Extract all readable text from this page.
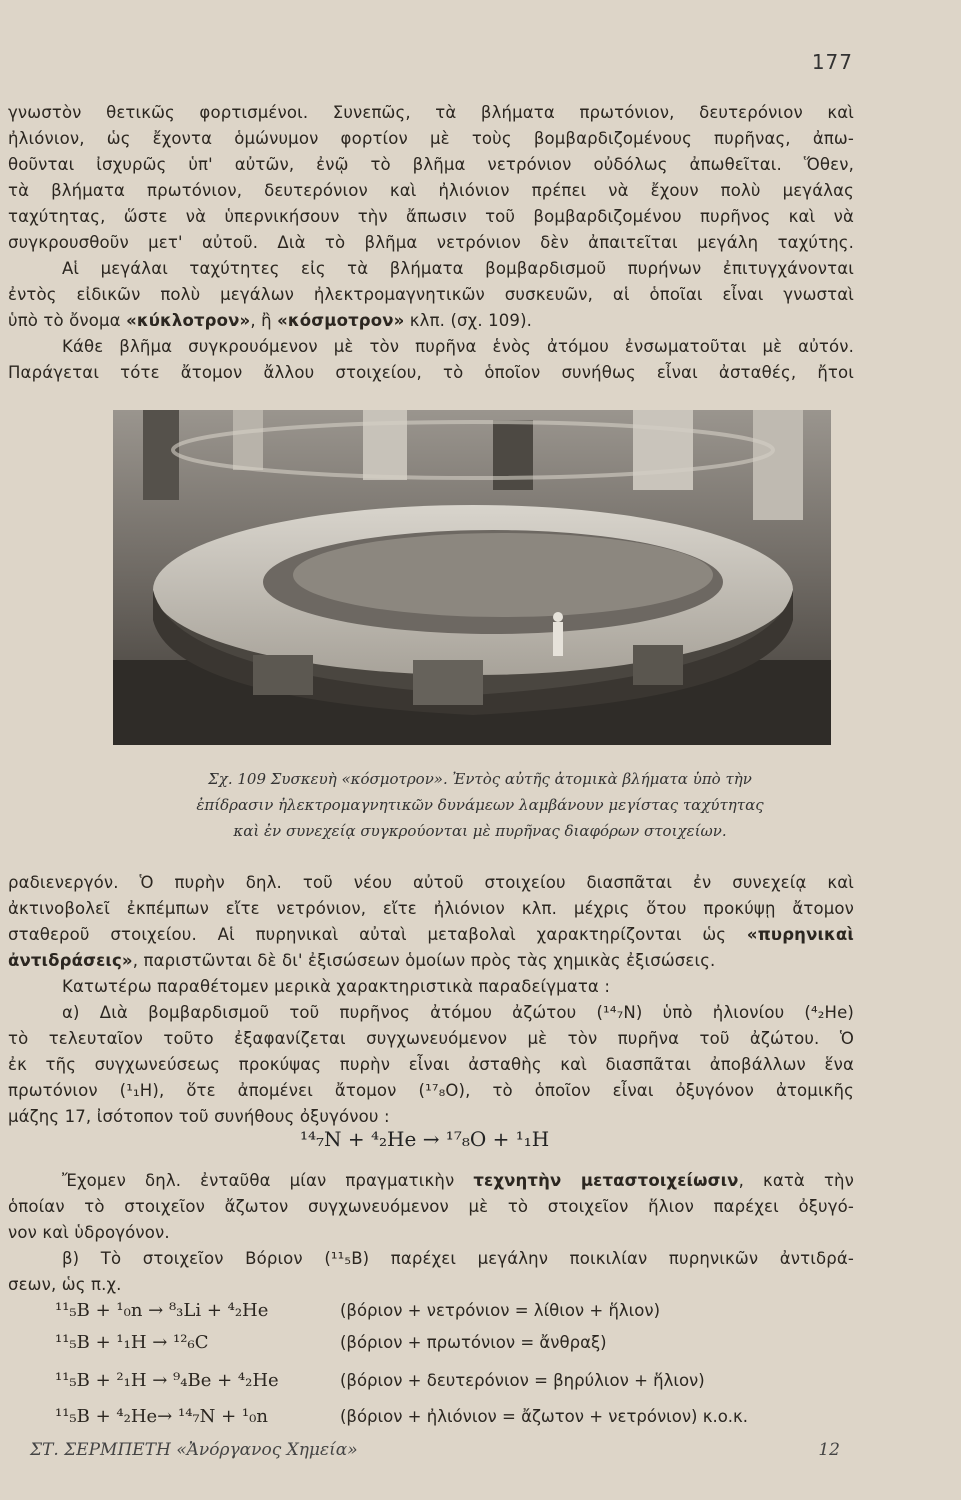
177
γνωστὸν θετικῶς φορτισμένοι. Συνεπῶς, τὰ βλήματα πρωτόνιον, δευτερόνιον καὶ
ἠλιόνιον, ὡς ἔχοντα ὁμώνυμον φορτίον μὲ τοὺς βομβαρδιζομένους πυρῆνας, ἀπω-
θοῦνται ἰσχυρῶς ὑπ' αὐτῶν, ἐνῷ τὸ βλῆμα νετρόνιον οὐδόλως ἀπωθεῖται. Ὅθεν,
τὰ βλήματα πρωτόνιον, δευτερόνιον καὶ ἠλιόνιον πρέπει νὰ ἔχουν πολὺ μεγάλας
ταχύτητας, ὥστε νὰ ὑπερνικήσουν τὴν ἄπωσιν τοῦ βομβαρδιζομένου πυρῆνος καὶ νὰ
συγκρουσθοῦν μετ' αὐτοῦ. Διὰ τὸ βλῆμα νετρόνιον δὲν ἀπαιτεῖται μεγάλη ταχύτης.
Αἱ μεγάλαι ταχύτητες εἰς τὰ βλήματα βομβαρδισμοῦ πυρήνων ἐπιτυγχάνονται
ἐντὸς εἰδικῶν πολὺ μεγάλων ἠλεκτρομαγνητικῶν συσκευῶν, αἱ ὁποῖαι εἶναι γνωσταὶ
ὑπὸ τὸ ὄνομα «κύκλοτρον», ἢ «κόσμοτρον» κλπ. (σχ. 109).
Κάθε βλῆμα συγκρουόμενον μὲ τὸν πυρῆνα ἑνὸς ἀτόμου ἐνσωματοῦται μὲ αὐτόν.
Παράγεται τότε ἄτομον ἄλλου στοιχείου, τὸ ὁποῖον συνήθως εἶναι ἀσταθές, ἤτοι
Σχ. 109 Συσκευὴ «κόσμοτρον». Ἐντὸς αὐτῆς ἀτομικὰ βλήματα ὑπὸ τὴν
ἐπίδρασιν ἠλεκτρομαγνητικῶν δυνάμεων λαμβάνουν μεγίστας ταχύτητας
καὶ ἐν συνεχείᾳ συγκρούονται μὲ πυρῆνας διαφόρων στοιχείων.
ραδιενεργόν. Ὁ πυρὴν δηλ. τοῦ νέου αὐτοῦ στοιχείου διασπᾶται ἐν συνεχείᾳ καὶ
ἀκτινοβολεῖ ἐκπέμπων εἴτε νετρόνιον, εἴτε ἠλιόνιον κλπ. μέχρις ὅτου προκύψῃ ἄτομον
σταθεροῦ στοιχείου. Αἱ πυρηνικαὶ αὐταὶ μεταβολαὶ χαρακτηρίζονται ὡς «πυρηνικαὶ
ἀντιδράσεις», παριστῶνται δὲ δι' ἐξισώσεων ὁμοίων πρὸς τὰς χημικὰς ἐξισώσεις.
Κατωτέρω παραθέτομεν μερικὰ χαρακτηριστικὰ παραδείγματα :
α) Διὰ βομβαρδισμοῦ τοῦ πυρῆνος ἀτόμου ἀζώτου (¹⁴₇N) ὑπὸ ἠλιονίου (⁴₂He)
τὸ τελευταῖον τοῦτο ἐξαφανίζεται συγχωνευόμενον μὲ τὸν πυρῆνα τοῦ ἀζώτου. Ὁ
ἐκ τῆς συγχωνεύσεως προκύψας πυρὴν εἶναι ἀσταθὴς καὶ διασπᾶται ἀποβάλλων ἕνα
πρωτόνιον (¹₁H), ὅτε ἀπομένει ἄτομον (¹⁷₈O), τὸ ὁποῖον εἶναι ὀξυγόνον ἀτομικῆς
μάζης 17, ἰσότοπον τοῦ συνήθους ὀξυγόνου :
¹⁴₇N + ⁴₂He → ¹⁷₈O + ¹₁H
Ἔχομεν δηλ. ἐνταῦθα μίαν πραγματικὴν τεχνητὴν μεταστοιχείωσιν, κατὰ τὴν
ὁποίαν τὸ στοιχεῖον ἄζωτον συγχωνευόμενον μὲ τὸ στοιχεῖον ἥλιον παρέχει ὀξυγό-
νον καὶ ὑδρογόνον.
β) Τὸ στοιχεῖον Βόριον (¹¹₅B) παρέχει μεγάλην ποικιλίαν πυρηνικῶν ἀντιδρά-
σεων, ὡς π.χ.
¹¹₅B + ¹₀n → ⁸₃Li + ⁴₂He	(βόριον + νετρόνιον = λίθιον + ἥλιον)
¹¹₅B + ¹₁H → ¹²₆C	(βόριον + πρωτόνιον = ἄνθραξ)
¹¹₅B + ²₁H → ⁹₄Be + ⁴₂He	(βόριον + δευτερόνιον = βηρύλιον + ἥλιον)
¹¹₅B + ⁴₂He→ ¹⁴₇N + ¹₀n	(βόριον + ἠλιόνιον = ἄζωτον + νετρόνιον) κ.ο.κ.
ΣΤ. ΣΕΡΜΠΕΤΗ «Ἀνόργανος Χημεία»	12
